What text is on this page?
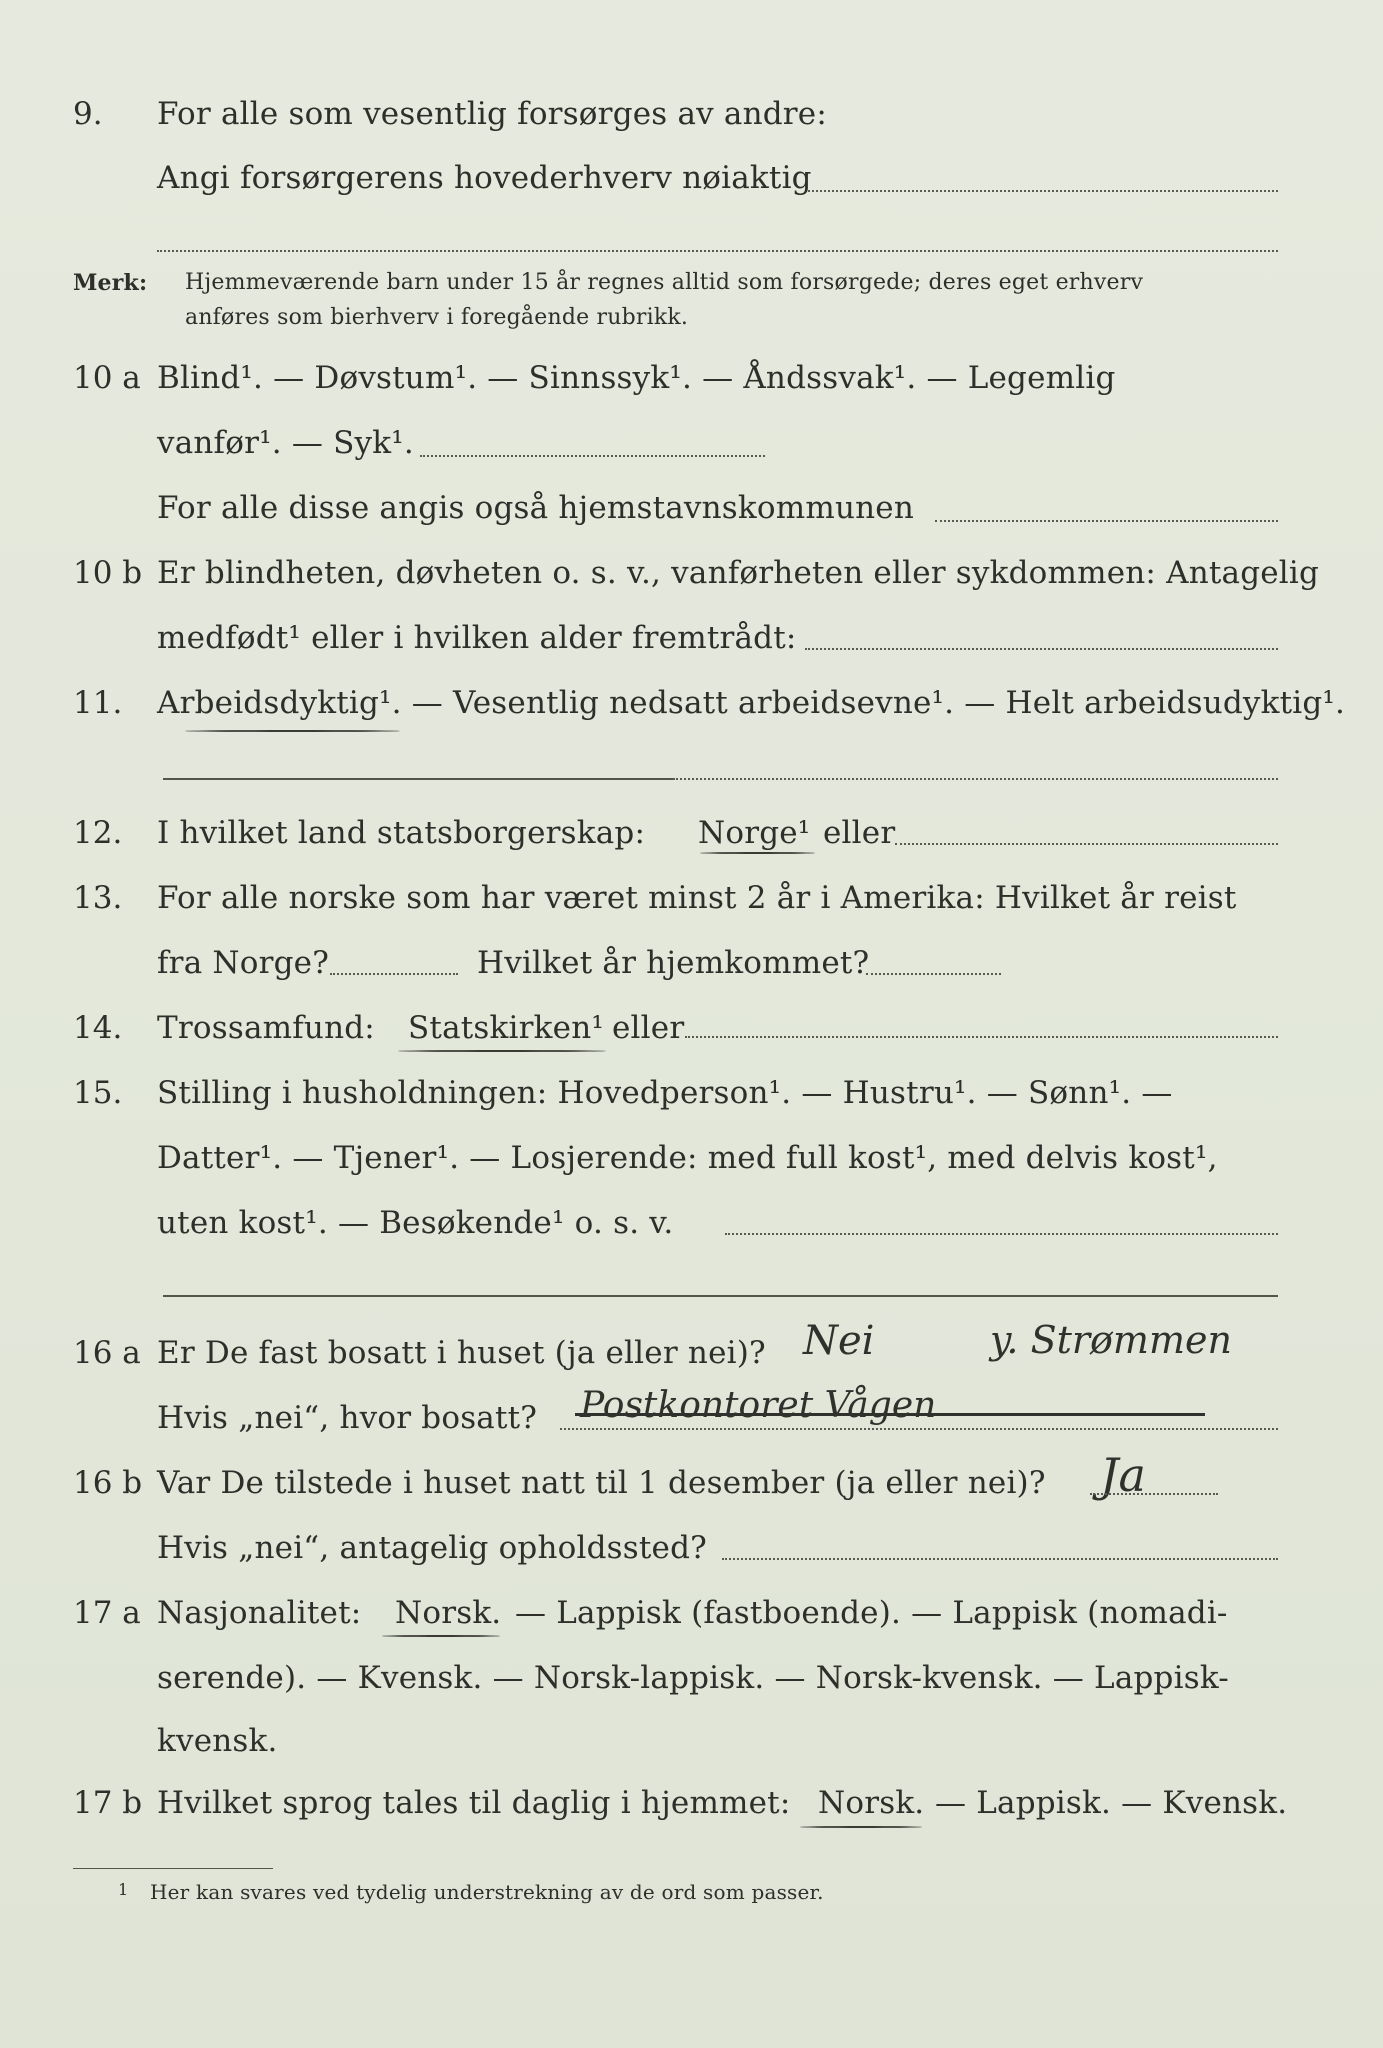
9. For alle som vesentlig forsørges av andre:
Angi forsørgerens hovederhverv nøiaktig
Merk: Hjemmeværende barn under 15 år regnes alltid som forsørgede; deres eget erhverv
anføres som bierhverv i foregående rubrikk.
10 a Blind¹. — Døvstum¹. — Sinnssyk¹. — Åndssvak¹. — Legemlig
vanfør¹. — Syk¹.
For alle disse angis også hjemstavnskommunen
10 b Er blindheten, døvheten o. s. v., vanførheten eller sykdommen: Antagelig
medfødt¹ eller i hvilken alder fremtrådt:
11. Arbeidsdyktig¹. — Vesentlig nedsatt arbeidsevne¹. — Helt arbeidsudyktig¹.
12. I hvilket land statsborgerskap: Norge¹ eller
13. For alle norske som har været minst 2 år i Amerika: Hvilket år reist
fra Norge?	Hvilket år hjemkommet?
14. Trossamfund: Statskirken¹ eller
15. Stilling i husholdningen: Hovedperson¹. — Hustru¹. — Sønn¹. —
Datter¹. — Tjener¹. — Losjerende: med full kost¹, med delvis kost¹,
uten kost¹. — Besøkende¹ o. s. v.
16 a Er De fast bosatt i huset (ja eller nei)? Nei	y. Strømmen
Hvis „nei“, hvor bosatt? Postkontoret Vågen
16 b Var De tilstede i huset natt til 1 desember (ja eller nei)? Ja
Hvis „nei“, antagelig opholdssted?
17 a Nasjonalitet: Norsk. — Lappisk (fastboende). — Lappisk (nomadi-
serende). — Kvensk. — Norsk-lappisk. — Norsk-kvensk. — Lappisk-
kvensk.
17 b Hvilket sprog tales til daglig i hjemmet: Norsk. — Lappisk. — Kvensk.
1 Her kan svares ved tydelig understrekning av de ord som passer.
